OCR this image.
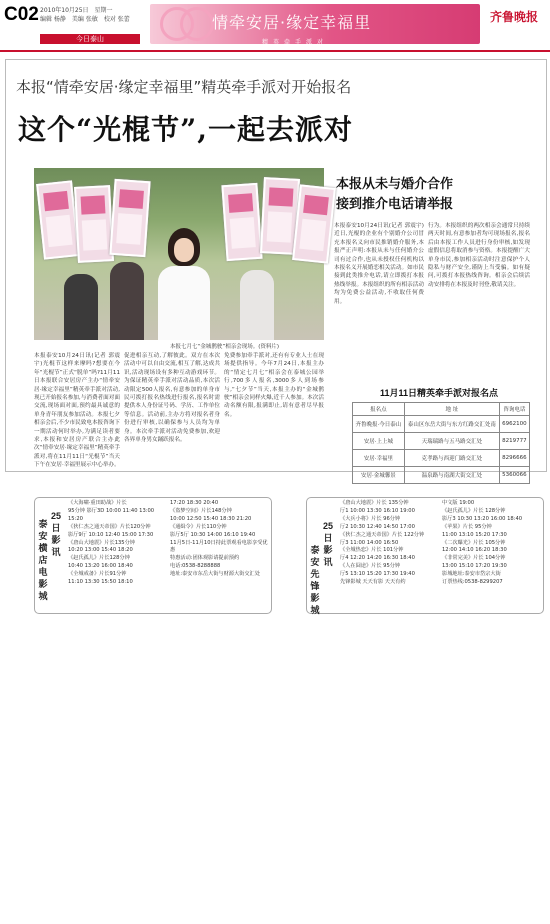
C02 2010年10月25日 星期一
编辑 杨静 美编 张敏 校对 张蕾
今日泰山
情牵安居·缘定幸福里
精英牵手派对
齐鲁晚报
本报“情牵安居·缘定幸福里”精英牵手派对开始报名
这个“光棍节”,一起去派对
本报七月七“金城鹊驶”相亲会现场。(资料片)
本报泰安10月24日讯(记者 郭震宇)光棍节这样来摩吗?想要在今年“光棍节”正式“脱单”吗?11月11日本报联合安居房产主办“情牵安居·缘定幸福里”精英牵手派对活动,现已开始报名参加,与消费者面对面交流,现场面对面,预约最具诚意的单身青年朋友参加活动。本报七夕相亲会后,不少市民致电本报咨询下一期活动何时举办,为满足读者要求,本报和安居房产联合主办此次“情牵安居·缘定幸福里”精英牵手派对,将在11月11日“光棍节”当天下午在安居·幸福里展示中心举办。
促进相亲互动,了解彼此。双方在本次活动中可以自由交流,相互了解,达成共识,活动现场设有多种互动游戏环节。为保证精英牵手派对活动品质,本次活动限定500人报名,有意参加的单身市民可拨打报名热线进行报名,报名时需提供本人身份证号码、学历、工作单位等信息。活动前,主办方将对报名者身份进行审核,以确保参与人员均为单身。本次牵手派对活动免费参加,欢迎各界单身男女踊跃报名。
免费参加牵手派对,还有有专业人士在现场提供指导。今年7月24日,本报主办的“情定七月七”相亲会在泰城公园举行,700多人报名,3000多人到场参与,“七夕节”当天,本报主办的“金城鹊驶”相亲会同样火爆,近千人参加。本次活动名额有限,报满即止,请有意者尽早报名。
本报从未与婚介合作
接到推介电话请举报
本报泰安10月24日讯(记者 郭震宇)近日,光棍的企业有个别婚介公司冒充本报名义向市民推销婚介服务,本报严正声明:本报从未与任何婚介公司有过合作,也从未授权任何机构以本报名义开展婚恋相关活动。如市民接到此类推介电话,请立即拨打本报热线举报。本报组织的所有相亲活动均为免费公益活动,不收取任何费用。
行为。本报组织的两次相亲会通常只持续两天时间,有意参加者均可现场报名,报名后由本报工作人员进行身份审核,如发现虚假信息将取消参与资格。本报提醒广大单身市民,参加相亲活动时注意保护个人隐私与财产安全,谨防上当受骗。如有疑问,可拨打本报热线咨询。相亲会后续活动安排将在本报及时刊登,敬请关注。
11月11日精英牵手派对报名点
报名点	地 址	咨询电话
齐鲁晚报·今日泰山	泰山区东岳大街与东方红路交汇处南	6962100
安居·上上城	天瑞瑞路与五马路交汇处	8219777
安居·幸福里	克孝路与西迎门路交汇处	8296666
安居·金城馨景	温泉路与南湖大街交汇处	5360066
泰安横店电影城
25日影讯
《大海啸·重田助战》片长
95分钟 影厅3D 10:00 11:40 13:00 15:20
《狄仁杰之通天帝国》片长120分钟
影厅9厅 10:10 12:40 15:00 17:30
《唐山大地震》片长135分钟
10:20 13:00 15:40 18:20
《赵氏孤儿》片长128分钟
10:40 13:20 16:00 18:40
《全城戒备》片长91分钟
11:10 13:30 15:50 18:10
17:20 18:30 20:40
《盗梦空间》片长148分钟
10:00 12:50 15:40 18:30 21:20
《通缉令》片长110分钟
影厅5厅 10:30 14:00 16:10 19:40
11月5日-11月10日持此票观看电影享受优惠
特惠活动:团体观影请提前预约
电话:0538-8288888
地址:泰安市东岳大街与财源大街交汇处
泰安先锋影城
25日影讯
《唐山大地震》片长 135分钟
厅1 10:00 13:30 16:10 19:00
《大兵小将》片长 96分钟
厅2 10:30 12:40 14:50 17:00
《狄仁杰之通天帝国》片长 122分钟
厅3 11:00 14:00 16:50
《全城热恋》片长 101分钟
厅4 12:20 14:20 16:30 18:40
《人在囧途》片长 95分钟
厅5 13:10 15:20 17:30 19:40
先锋影城 天天有影 天天有约
中文版 19:00
《赵氏孤儿》片长 128分钟
影厅3 10:30 13:20 16:00 18:40
《苹果》片长 95分钟
11:00 13:10 15:20 17:30
《二次曝光》片长 105分钟
12:00 14:10 16:20 18:30
《非常完美》片长 104分钟
13:00 15:10 17:20 19:30
影城地址:泰安市岱宗大街
订票热线:0538-8299207
